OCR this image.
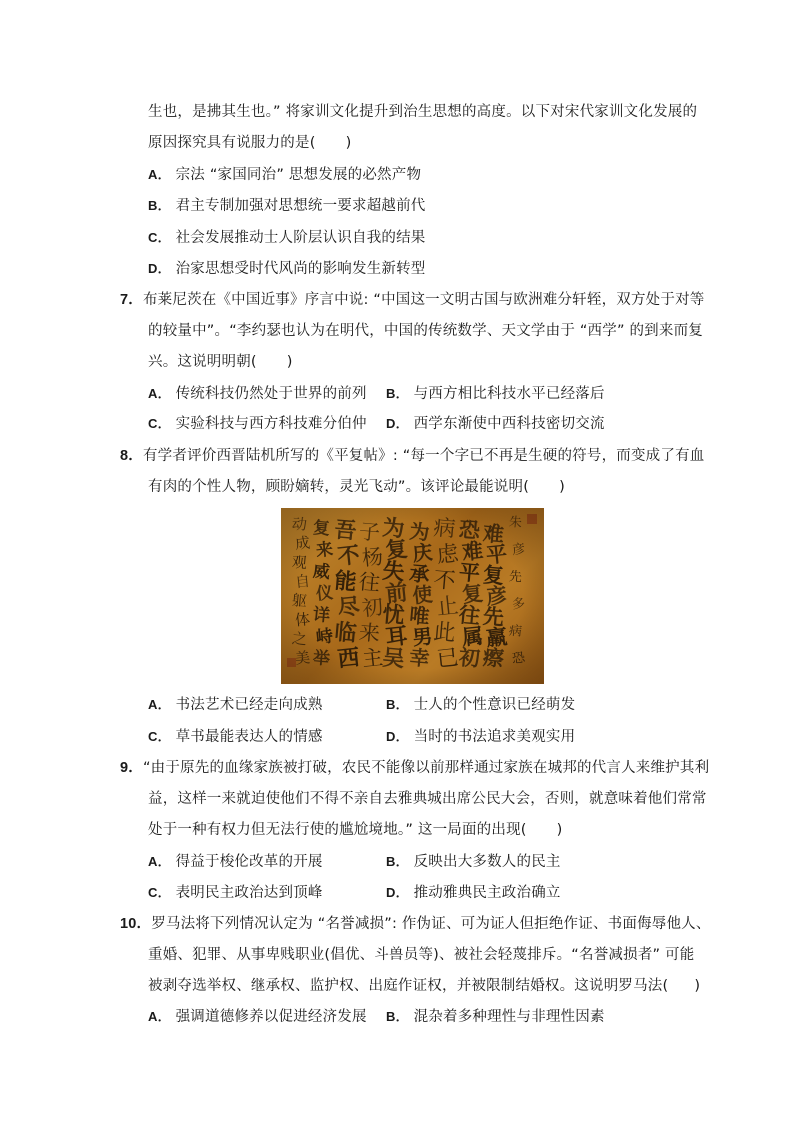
生也，是拂其生也。” 将家训文化提升到治生思想的高度。以下对宋代家训文化发展的
原因探究具有说服力的是( )
A． 宗法 “家国同治” 思想发展的必然产物
B． 君主专制加强对思想统一要求超越前代
C． 社会发展推动士人阶层认识自我的结果
D． 治家思想受时代风尚的影响发生新转型
7．布莱尼茨在《中国近事》序言中说: “中国这一文明古国与欧洲难分轩轾，双方处于对等
的较量中”。“李约瑟也认为在明代，中国的传统数学、天文学由于 “西学” 的到来而复
兴。这说明明朝( )
A． 传统科技仍然处于世界的前列 B． 与西方相比科技水平已经落后
C． 实验科技与西方科技难分伯仲 D． 西学东渐使中西科技密切交流
8．有学者评价西晋陆机所写的《平复帖》: “每一个字已不再是生硬的符号，而变成了有血
有肉的个性人物，顾盼嫡转，灵光飞动”。该评论最能说明( )
A． 书法艺术已经走向成熟	B． 士人的个性意识已经萌发
C． 草书最能表达人的情感	D． 当时的书法追求美观实用
9．“由于原先的血缘家族被打破，农民不能像以前那样通过家族在城邦的代言人来维护其利
益，这样一来就迫使他们不得不亲自去雅典城出席公民大会，否则，就意味着他们常常
处于一种有权力但无法行使的尴尬境地。” 这一局面的出现( )
A． 得益于梭伦改革的开展	B． 反映出大多数人的民主
C． 表明民主政治达到顶峰	D． 推动雅典民主政治确立
10．罗马法将下列情况认定为 “名誉减损”: 作伪证、可为证人但拒绝作证、书面侮辱他人、
重婚、犯罪、从事卑贱职业(倡优、斗兽员等)、被社会轻蔑排斥。“名誉减损者” 可能
被剥夺选举权、继承权、监护权、出庭作证权，并被限制结婚权。这说明罗马法( )
A． 强调道德修养以促进经济发展 B． 混杂着多种理性与非理性因素
